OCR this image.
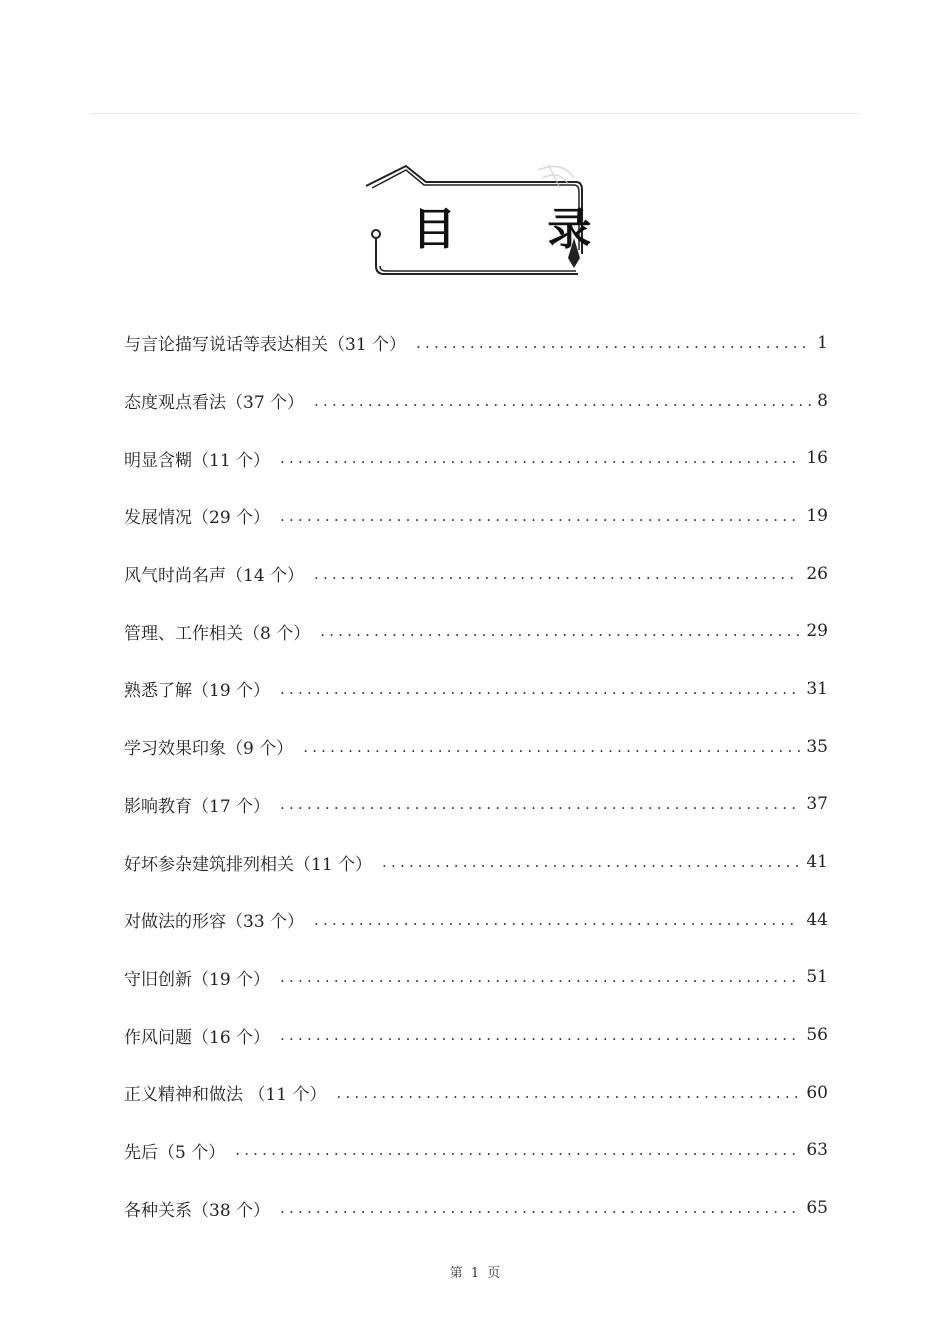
目 录
与言论描写说话等表达相关（31 个） .....	1
态度观点看法（37 个） .....	8
明显含糊（11 个） .....	16
发展情况（29 个） .....	19
风气时尚名声（14 个） .....	26
管理、工作相关（8 个） .....	29
熟悉了解（19 个） .....	31
学习效果印象（9 个） .....	35
影响教育（17 个） .....	37
好坏参杂建筑排列相关（11 个） .....	41
对做法的形容（33 个） .....	44
守旧创新（19 个） .....	51
作风问题（16 个） .....	56
正义精神和做法 （11 个） .....	60
先后（5 个） .....	63
各种关系（38 个） .....	65
第 1 页
